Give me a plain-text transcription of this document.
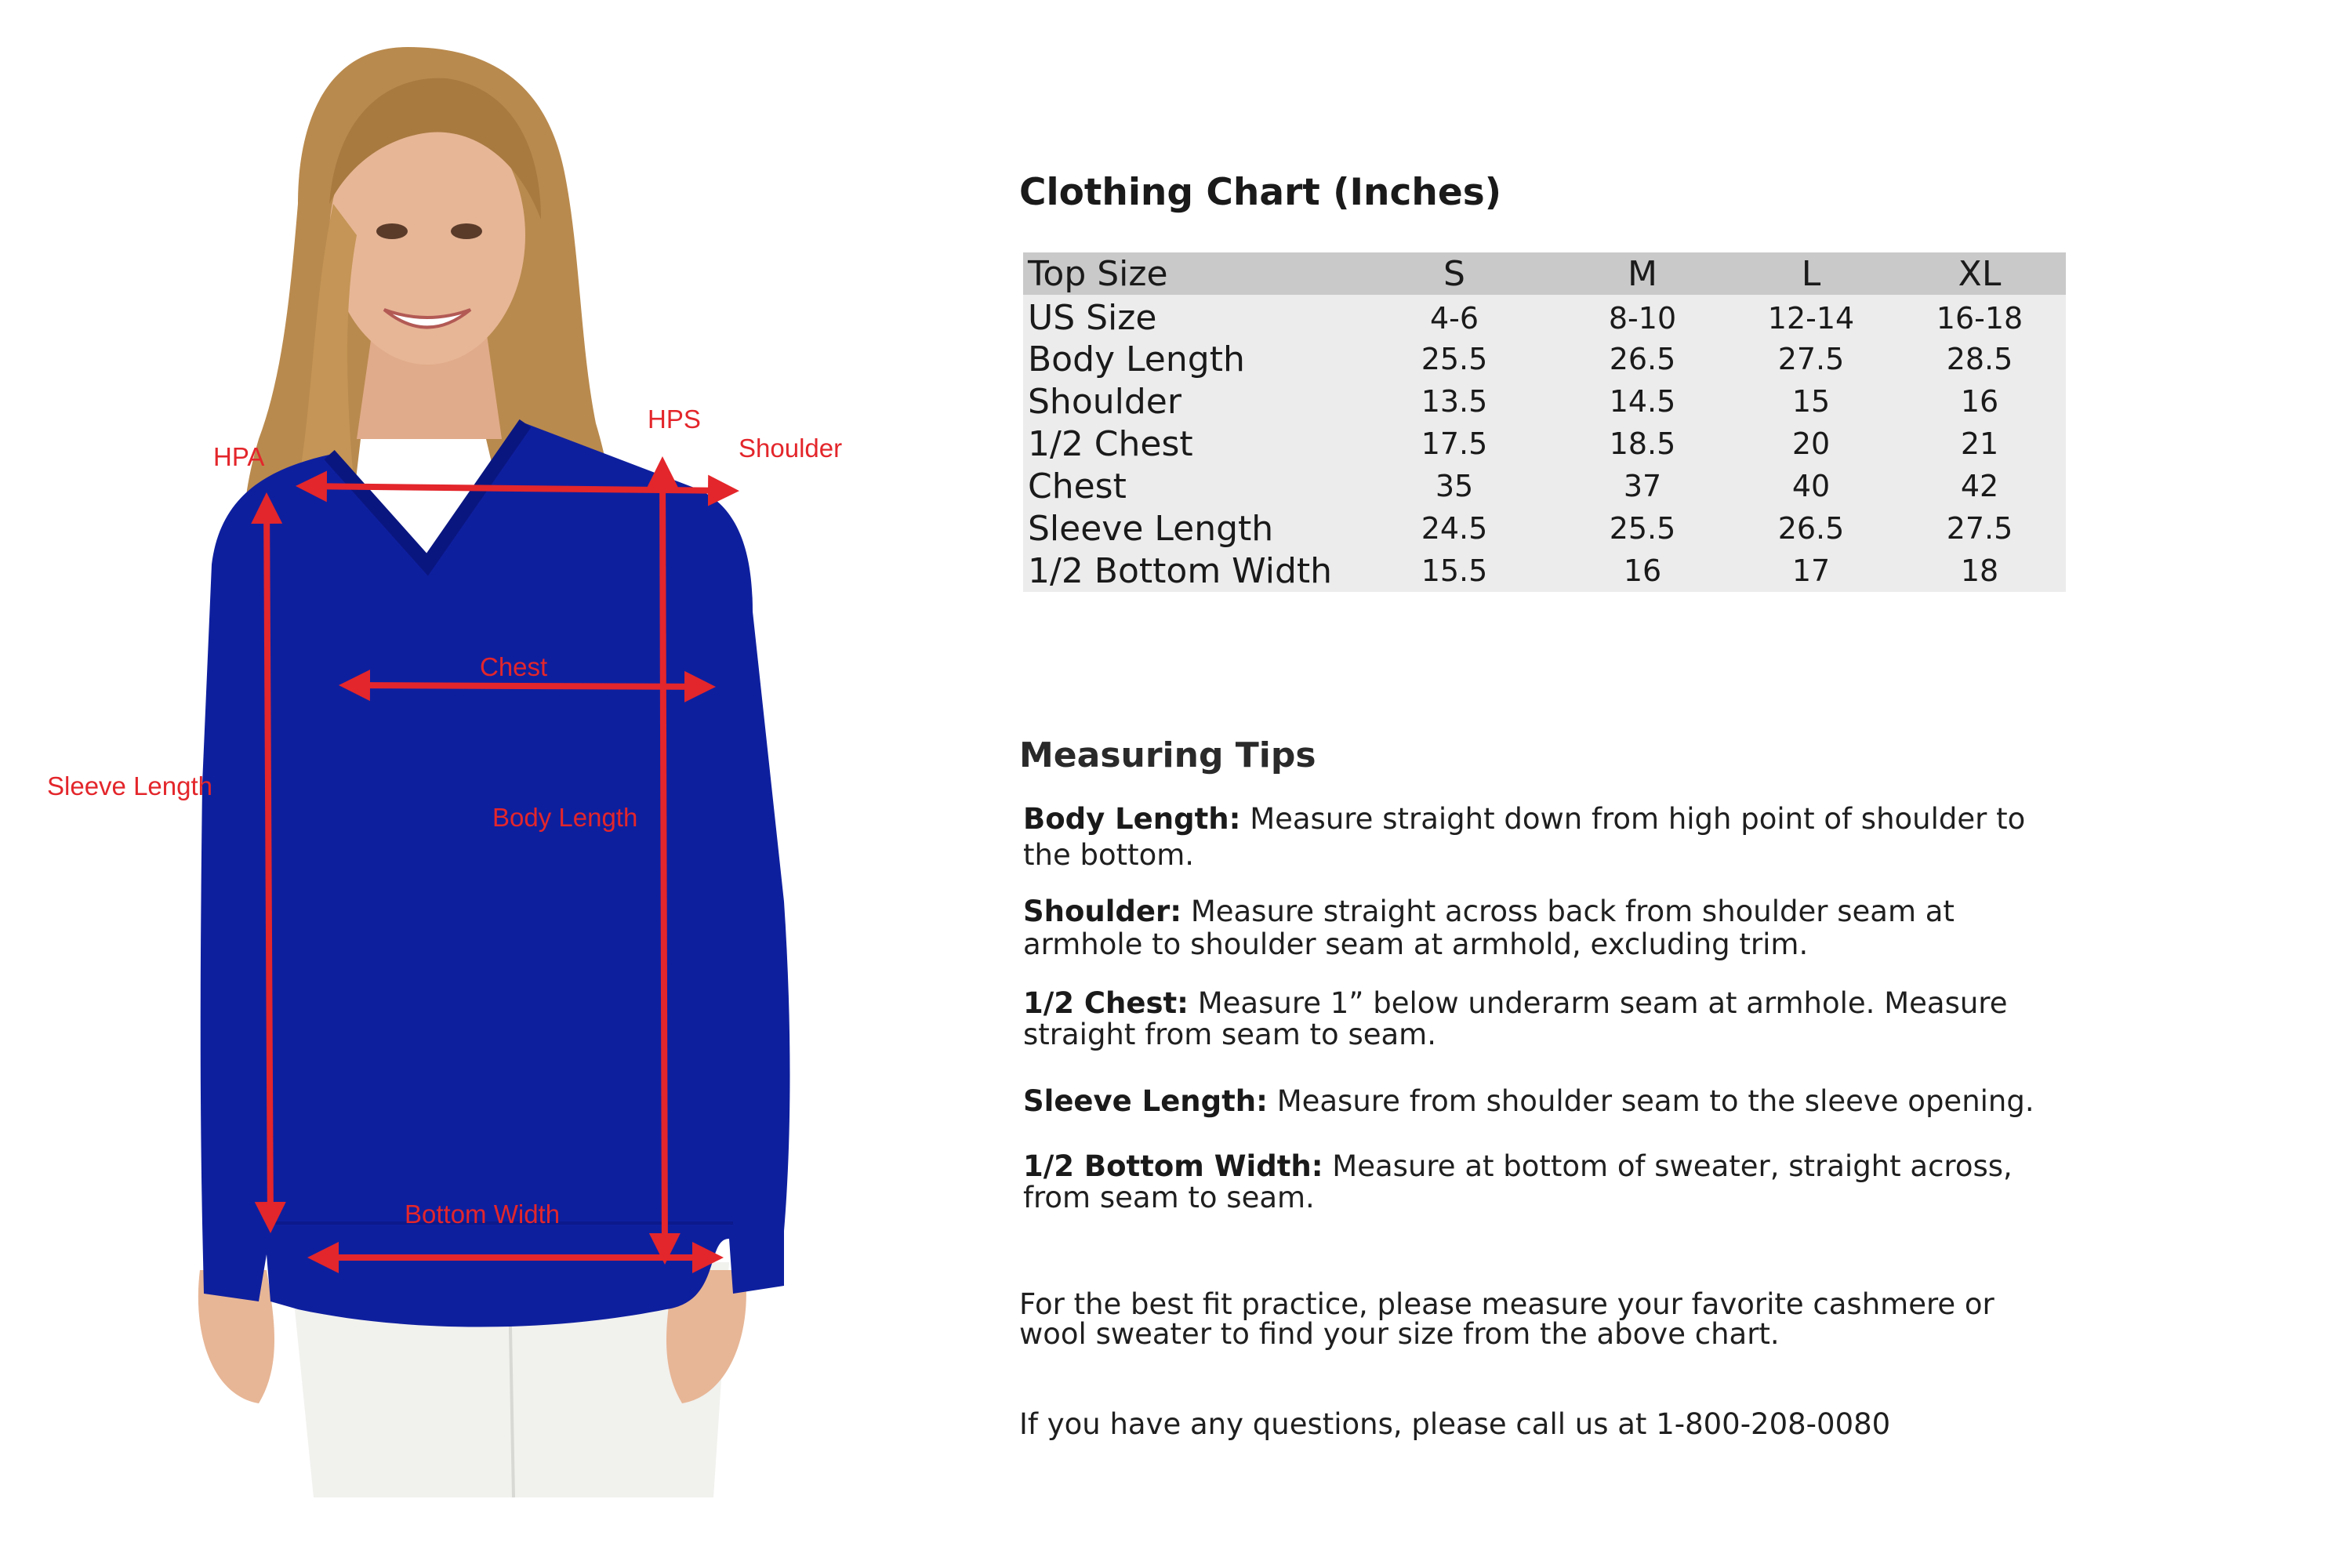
HPA
HPS
Shoulder
Chest
Sleeve Length
Body Length
Bottom Width
Clothing Chart (Inches)
Top Size	S	M	L	XL
US Size	4-6	8-10	12-14	16-18
Body Length	25.5	26.5	27.5	28.5
Shoulder	13.5	14.5	15	16
1/2 Chest	17.5	18.5	20	21
Chest	35	37	40	42
Sleeve Length	24.5	25.5	26.5	27.5
1/2 Bottom Width	15.5	16	17	18
Measuring Tips

Body Length: Measure straight down from high point of shoulder to the bottom.

Shoulder: Measure straight across back from shoulder seam at armhole to shoulder seam at armhold, excluding trim.

1/2 Chest: Measure 1” below underarm seam at armhole. Measure straight from seam to seam.

Sleeve Length: Measure from shoulder seam to the sleeve opening.

1/2 Bottom Width: Measure at bottom of sweater, straight across, from seam to seam.

For the best fit practice, please measure your favorite cashmere or wool sweater to find your size from the above chart.

If you have any questions, please call us at 1-800-208-0080
